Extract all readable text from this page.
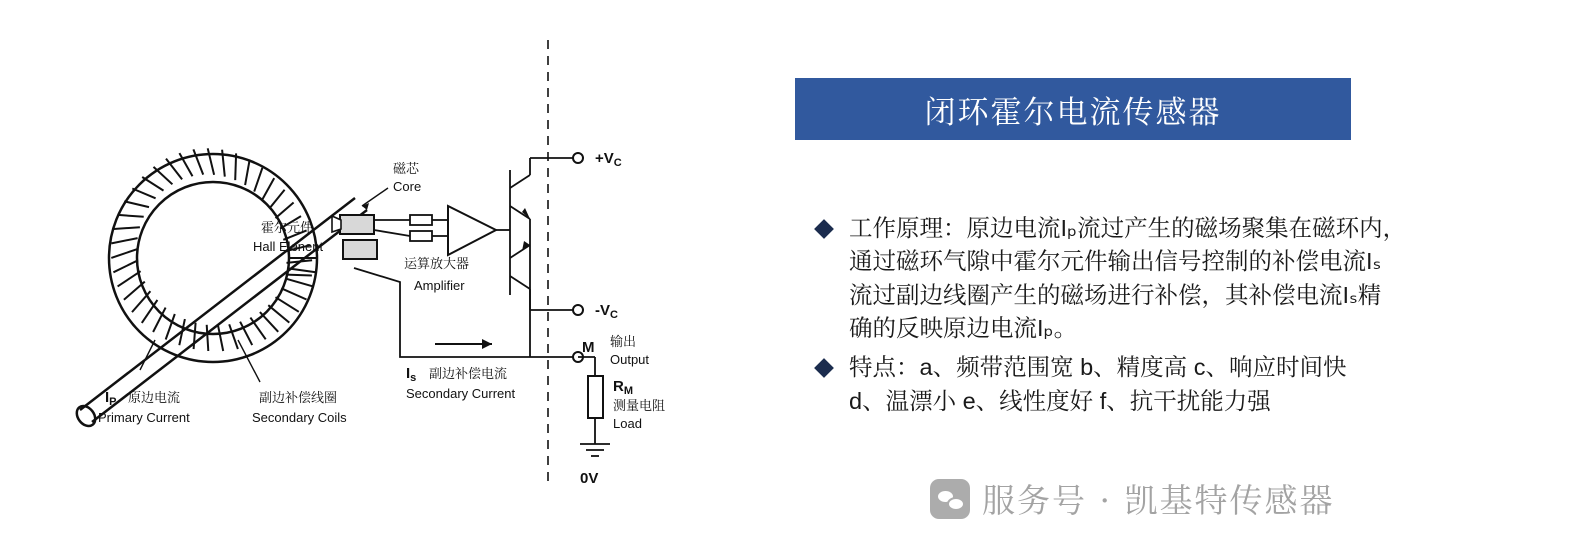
磁芯
Core
霍尔元件
Hall Elenent
运算放大器
Amplifier
$I_P$ 原边电流
Primary Current
副边补偿线圈
Secondary Coils
$I_s$ 副边补偿电流
Secondary Current
$+V_C$
$-V_C$
M 输出
Output
$R_M$
测量电阻
Load
0V
闭环霍尔电流传感器
工作原理：原边电流Iₚ流过产生的磁场聚集在磁环内，
通过磁环气隙中霍尔元件输出信号控制的补偿电流Iₛ
流过副边线圈产生的磁场进行补偿，其补偿电流Iₛ精
确的反映原边电流Iₚ。
特点：a、频带范围宽 b、精度高 c、响应时间快
d、温漂小 e、线性度好 f、抗干扰能力强
服务号 · 凯基特传感器
